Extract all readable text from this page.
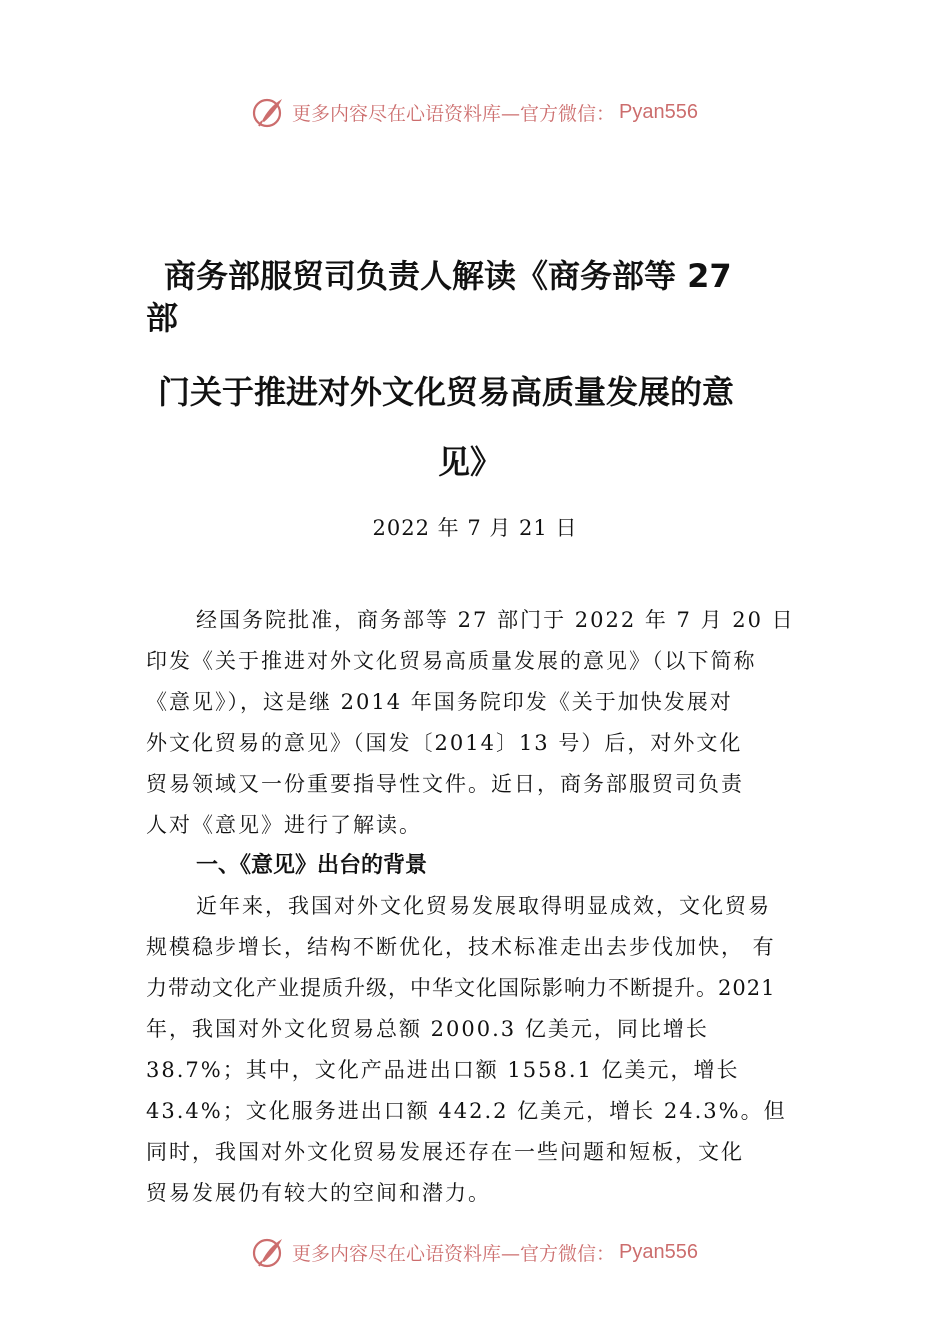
更多内容尽在心语资料库—官方微信： Pyan556
商务部服贸司负责人解读《商务部等 27
部
门关于推进对外文化贸易高质量发展的意
见》
2022 年 7 月 21 日
经国务院批准，商务部等 27 部门于 2022 年 7 月 20 日
印发《关于推进对外文化贸易高质量发展的意见》（以下简称
《意见》），这是继 2014 年国务院印发《关于加快发展对
外文化贸易的意见》（国发〔2014〕13 号）后，对外文化
贸易领域又一份重要指导性文件。近日，商务部服贸司负责
人对《意见》进行了解读。
一、《意见》出台的背景
近年来，我国对外文化贸易发展取得明显成效，文化贸易
规模稳步增长，结构不断优化，技术标准走出去步伐加快， 有
力带动文化产业提质升级，中华文化国际影响力不断提升。2021
年，我国对外文化贸易总额 2000.3 亿美元，同比增长
38.7%；其中，文化产品进出口额 1558.1 亿美元，增长
43.4%；文化服务进出口额 442.2 亿美元，增长 24.3%。但
同时，我国对外文化贸易发展还存在一些问题和短板，文化
贸易发展仍有较大的空间和潜力。
更多内容尽在心语资料库—官方微信： Pyan556
